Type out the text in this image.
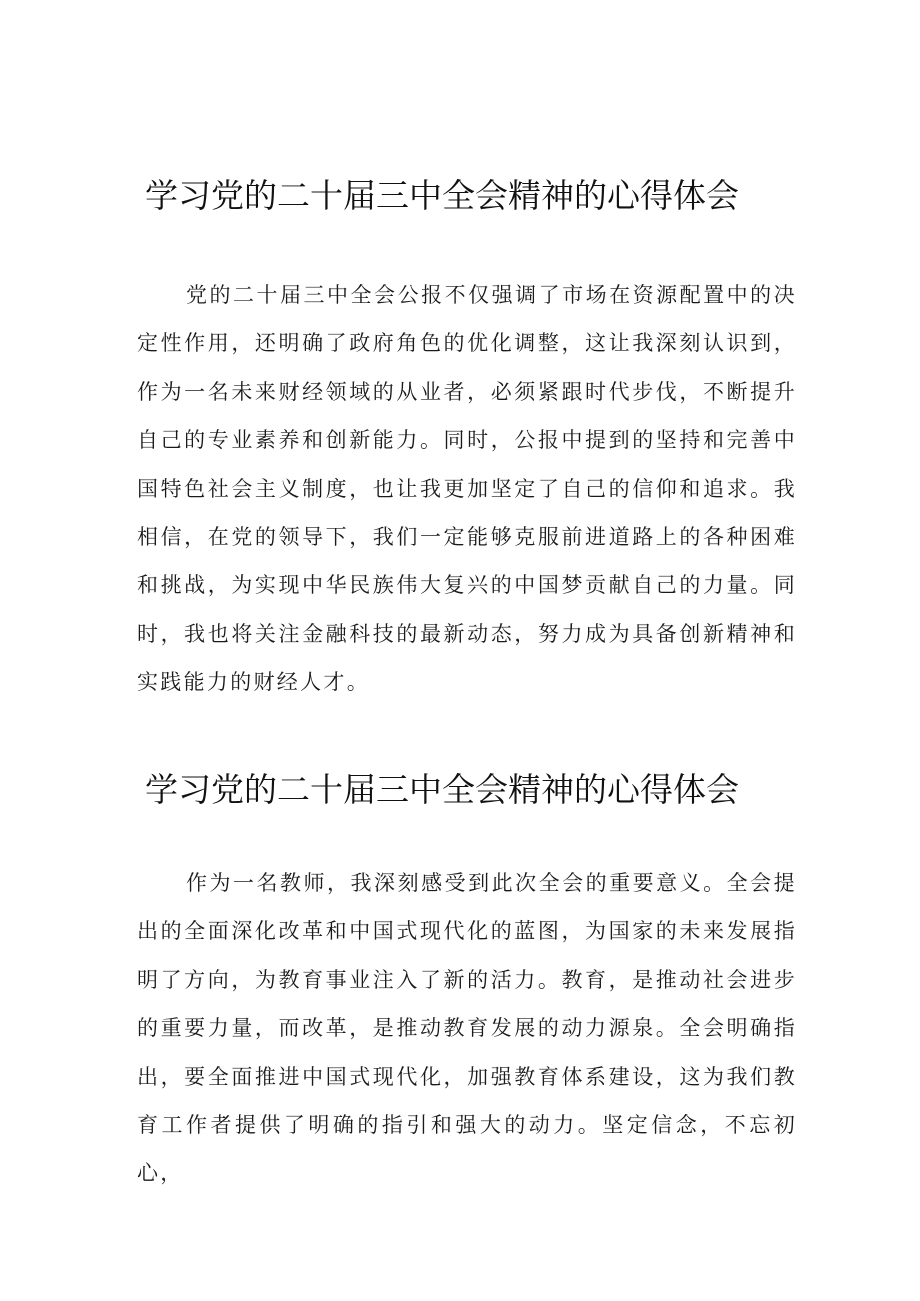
学习党的二十届三中全会精神的心得体会

党的二十届三中全会公报不仅强调了市场在资源配置中的决定性作用，还明确了政府角色的优化调整，这让我深刻认识到，作为一名未来财经领域的从业者，必须紧跟时代步伐，不断提升自己的专业素养和创新能力。同时，公报中提到的坚持和完善中国特色社会主义制度，也让我更加坚定了自己的信仰和追求。我相信，在党的领导下，我们一定能够克服前进道路上的各种困难和挑战，为实现中华民族伟大复兴的中国梦贡献自己的力量。同时，我也将关注金融科技的最新动态，努力成为具备创新精神和实践能力的财经人才。

学习党的二十届三中全会精神的心得体会

作为一名教师，我深刻感受到此次全会的重要意义。全会提出的全面深化改革和中国式现代化的蓝图，为国家的未来发展指明了方向，为教育事业注入了新的活力。教育，是推动社会进步的重要力量，而改革，是推动教育发展的动力源泉。全会明确指出，要全面推进中国式现代化，加强教育体系建设，这为我们教育工作者提供了明确的指引和强大的动力。坚定信念，不忘初心，
